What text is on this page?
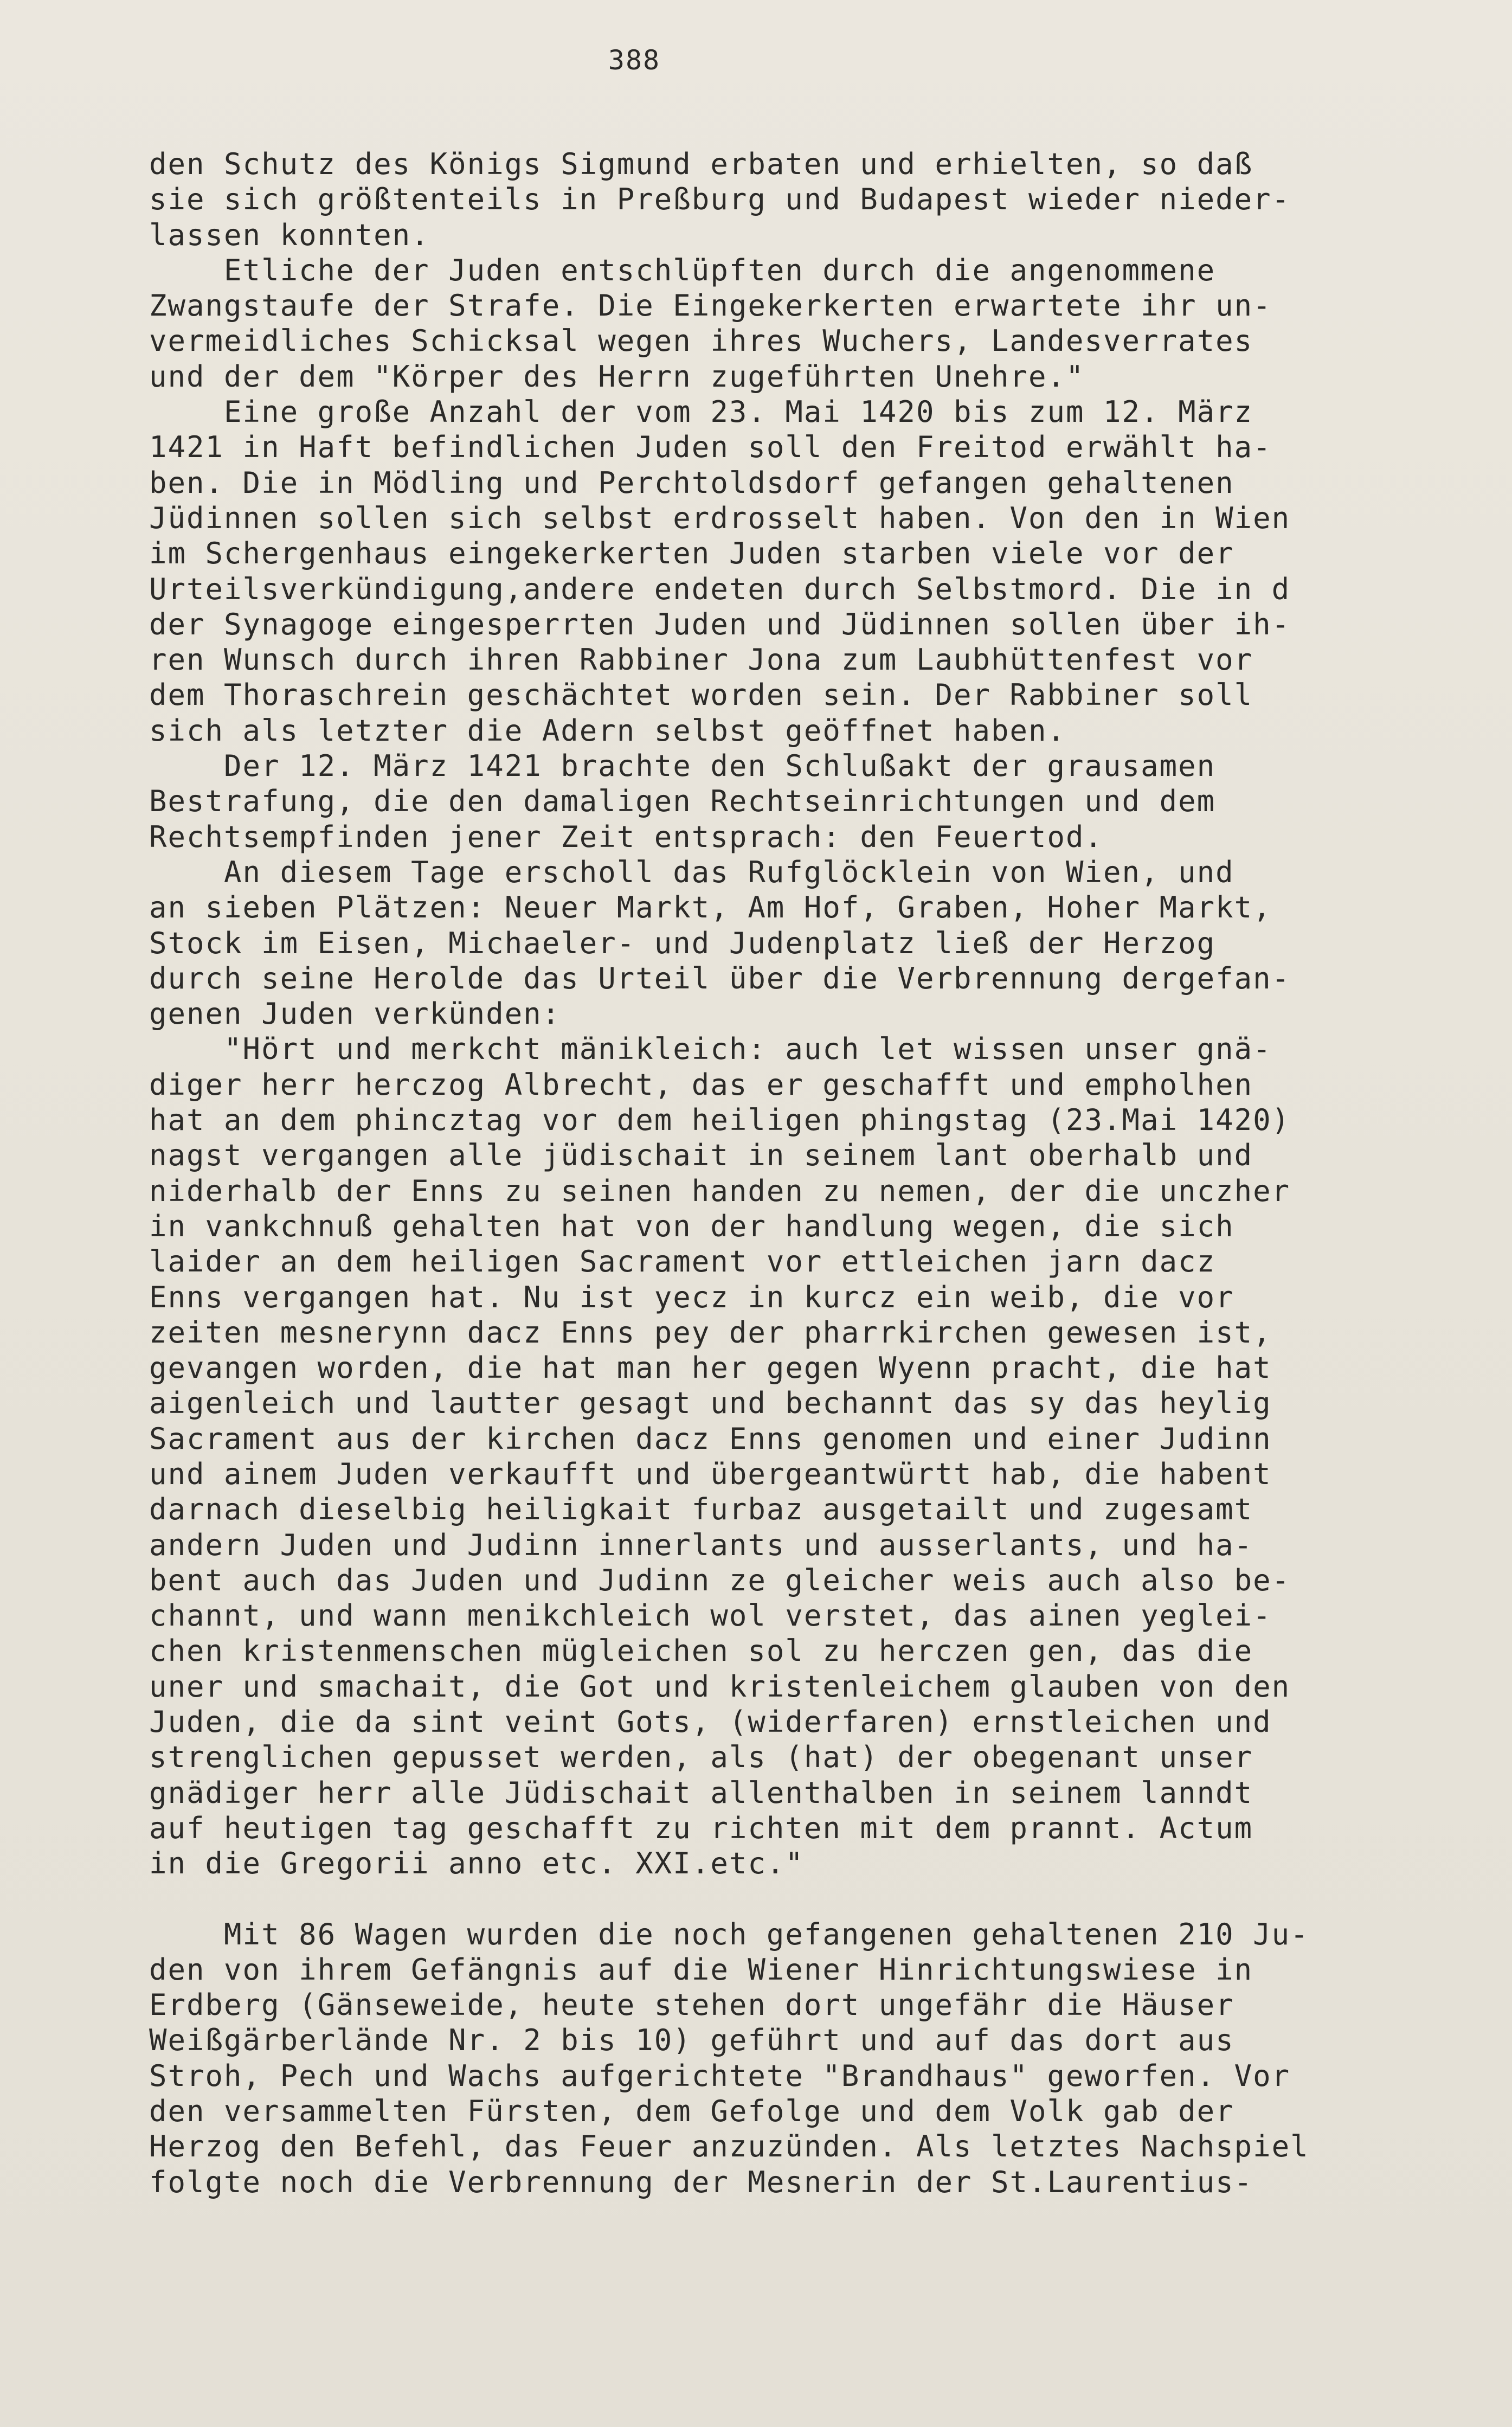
388
den Schutz des Königs Sigmund erbaten und erhielten, so daß
sie sich größtenteils in Preßburg und Budapest wieder nieder-
lassen konnten.
Etliche der Juden entschlüpften durch die angenommene
Zwangstaufe der Strafe. Die Eingekerkerten erwartete ihr un-
vermeidliches Schicksal wegen ihres Wuchers, Landesverrates
und der dem "Körper des Herrn zugeführten Unehre."
Eine große Anzahl der vom 23. Mai 1420 bis zum 12. März
1421 in Haft befindlichen Juden soll den Freitod erwählt ha-
ben. Die in Mödling und Perchtoldsdorf gefangen gehaltenen
Jüdinnen sollen sich selbst erdrosselt haben. Von den in Wien
im Schergenhaus eingekerkerten Juden starben viele vor der
Urteilsverkündigung,andere endeten durch Selbstmord. Die in d
der Synagoge eingesperrten Juden und Jüdinnen sollen über ih-
ren Wunsch durch ihren Rabbiner Jona zum Laubhüttenfest vor
dem Thoraschrein geschächtet worden sein. Der Rabbiner soll
sich als letzter die Adern selbst geöffnet haben.
Der 12. März 1421 brachte den Schlußakt der grausamen
Bestrafung, die den damaligen Rechtseinrichtungen und dem
Rechtsempfinden jener Zeit entsprach: den Feuertod.
An diesem Tage erscholl das Rufglöcklein von Wien, und
an sieben Plätzen: Neuer Markt, Am Hof, Graben, Hoher Markt,
Stock im Eisen, Michaeler- und Judenplatz ließ der Herzog
durch seine Herolde das Urteil über die Verbrennung dergefan-
genen Juden verkünden:
"Hört und merkcht mänikleich: auch let wissen unser gnä-
diger herr herczog Albrecht, das er geschafft und empholhen
hat an dem phincztag vor dem heiligen phingstag (23.Mai 1420)
nagst vergangen alle jüdischait in seinem lant oberhalb und
niderhalb der Enns zu seinen handen zu nemen, der die unczher
in vankchnuß gehalten hat von der handlung wegen, die sich
laider an dem heiligen Sacrament vor ettleichen jarn dacz
Enns vergangen hat. Nu ist yecz in kurcz ein weib, die vor
zeiten mesnerynn dacz Enns pey der pharrkirchen gewesen ist,
gevangen worden, die hat man her gegen Wyenn pracht, die hat
aigenleich und lautter gesagt und bechannt das sy das heylig
Sacrament aus der kirchen dacz Enns genomen und einer Judinn
und ainem Juden verkaufft und übergeantwürtt hab, die habent
darnach dieselbig heiligkait furbaz ausgetailt und zugesamt
andern Juden und Judinn innerlants und ausserlants, und ha-
bent auch das Juden und Judinn ze gleicher weis auch also be-
channt, und wann menikchleich wol verstet, das ainen yeglei-
chen kristenmenschen mügleichen sol zu herczen gen, das die
uner und smachait, die Got und kristenleichem glauben von den
Juden, die da sint veint Gots, (widerfaren) ernstleichen und
strenglichen gepusset werden, als (hat) der obegenant unser
gnädiger herr alle Jüdischait allenthalben in seinem lanndt
auf heutigen tag geschafft zu richten mit dem prannt. Actum
in die Gregorii anno etc. XXI.etc."
Mit 86 Wagen wurden die noch gefangenen gehaltenen 210 Ju-
den von ihrem Gefängnis auf die Wiener Hinrichtungswiese in
Erdberg (Gänseweide, heute stehen dort ungefähr die Häuser
Weißgärberlände Nr. 2 bis 10) geführt und auf das dort aus
Stroh, Pech und Wachs aufgerichtete "Brandhaus" geworfen. Vor
den versammelten Fürsten, dem Gefolge und dem Volk gab der
Herzog den Befehl, das Feuer anzuzünden. Als letztes Nachspiel
folgte noch die Verbrennung der Mesnerin der St.Laurentius-
